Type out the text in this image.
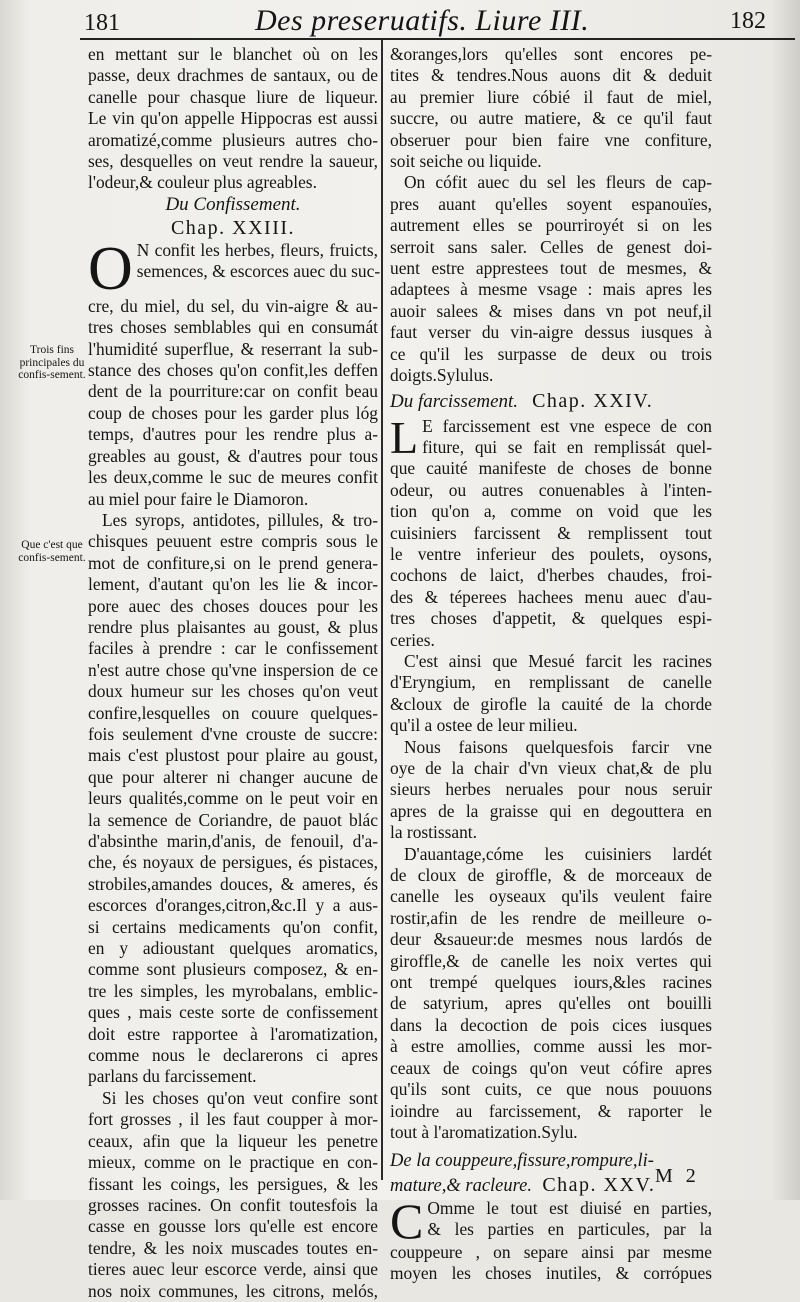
181	Des preseruatifs. Liure III.	182
Trois fins principales du confis-sement.
Que c'est que confis-sement.
en mettant sur le blanchet où on les
passe, deux drachmes de santaux, ou de
canelle pour chasque liure de liqueur.
Le vin qu'on appelle Hippocras est aussi
aromatizé,comme plusieurs autres cho-
ses, desquelles on veut rendre la saueur,
l'odeur,& couleur plus agreables.
Du Confissement.
Chap. XXIII.
O N confit les herbes, fleurs, fruicts,
semences, & escorces auec du suc-
cre, du miel, du sel, du vin-aigre & au-
tres choses semblables qui en consumát
l'humidité superflue, & reserrant la sub-
stance des choses qu'on confit,les deffen
dent de la pourriture:car on confit beau
coup de choses pour les garder plus lóg
temps, d'autres pour les rendre plus a-
greables au goust, & d'autres pour tous
les deux,comme le suc de meures confit
au miel pour faire le Diamoron.
Les syrops, antidotes, pillules, & tro-
chisques peuuent estre compris sous le
mot de confiture,si on le prend genera-
lement, d'autant qu'on les lie & incor-
pore auec des choses douces pour les
rendre plus plaisantes au goust, & plus
faciles à prendre : car le confissement
n'est autre chose qu'vne inspersion de ce
doux humeur sur les choses qu'on veut
confire,lesquelles on couure quelques-
fois seulement d'vne crouste de succre:
mais c'est plustost pour plaire au goust,
que pour alterer ni changer aucune de
leurs qualités,comme on le peut voir en
la semence de Coriandre, de pauot blác
d'absinthe marin,d'anis, de fenouil, d'a-
che, és noyaux de persigues, és pistaces,
strobiles,amandes douces, & ameres, és
escorces d'oranges,citron,&c.Il y a aus-
si certains medicaments qu'on confit,
en y adioustant quelques aromatics,
comme sont plusieurs composez, & en-
tre les simples, les myrobalans, emblic-
ques , mais ceste sorte de confissement
doit estre rapportee à l'aromatization,
comme nous le declarerons ci apres
parlans du farcissement.
Si les choses qu'on veut confire sont
fort grosses , il les faut coupper à mor-
ceaux, afin que la liqueur les penetre
mieux, comme on le practique en con-
fissant les coings, les persigues, & les
grosses racines. On confit toutesfois la
casse en gousse lors qu'elle est encore
tendre, & les noix muscades toutes en-
tieres auec leur escorce verde, ainsi que
nos noix communes, les citrons, melós,
&oranges,lors qu'elles sont encores pe-
tites & tendres.Nous auons dit & deduit
au premier liure cóbié il faut de miel,
succre, ou autre matiere, & ce qu'il faut
obseruer pour bien faire vne confiture,
soit seiche ou liquide.
On cófit auec du sel les fleurs de cap-
pres auant qu'elles soyent espanouïes,
autrement elles se pourriroyét si on les
serroit sans saler. Celles de genest doi-
uent estre apprestees tout de mesmes, &
adaptees à mesme vsage : mais apres les
auoir salees & mises dans vn pot neuf,il
faut verser du vin-aigre dessus iusques à
ce qu'il les surpasse de deux ou trois
doigts.Sylulus.
Du farcissement. Chap. XXIV.
L E farcissement est vne espece de con
fiture, qui se fait en remplissát quel-
que cauité manifeste de choses de bonne
odeur, ou autres conuenables à l'inten-
tion qu'on a, comme on void que les
cuisiniers farcissent & remplissent tout
le ventre inferieur des poulets, oysons,
cochons de laict, d'herbes chaudes, froi-
des & téperees hachees menu auec d'au-
tres choses d'appetit, & quelques espi-
ceries.
C'est ainsi que Mesué farcit les racines
d'Eryngium, en remplissant de canelle
&cloux de girofle la cauité de la chorde
qu'il a ostee de leur milieu.
Nous faisons quelquesfois farcir vne
oye de la chair d'vn vieux chat,& de plu
sieurs herbes neruales pour nous seruir
apres de la graisse qui en degouttera en
la rostissant.
D'auantage,cóme les cuisiniers lardét
de cloux de giroffle, & de morceaux de
canelle les oyseaux qu'ils veulent faire
rostir,afin de les rendre de meilleure o-
deur &saueur:de mesmes nous lardós de
giroffle,& de canelle les noix vertes qui
ont trempé quelques iours,&les racines
de satyrium, apres qu'elles ont bouilli
dans la decoction de pois cices iusques
à estre amollies, comme aussi les mor-
ceaux de coings qu'on veut cófire apres
qu'ils sont cuits, ce que nous pouuons
ioindre au farcissement, & raporter le
tout à l'aromatization.Sylu.
De la couppeure,fissure,rompure,li-
mature,& racleure. Chap. XXV.
C Omme le tout est diuisé en parties,
& les parties en particules, par la
couppeure , on separe ainsi par mesme
moyen les choses inutiles, & corrópues
M 2
